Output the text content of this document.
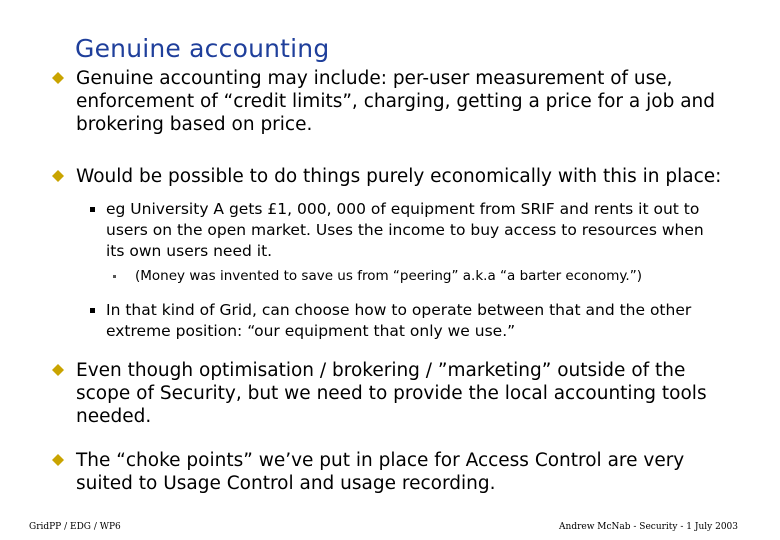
Genuine accounting
Genuine accounting may include: per-user measurement of use, enforcement of “credit limits”, charging, getting a price for a job and brokering based on price.
Would be possible to do things purely economically with this in place:
eg University A gets £1, 000, 000 of equipment from SRIF and rents it out to users on the open market. Uses the income to buy access to resources when its own users need it.
(Money was invented to save us from “peering” a.k.a “a barter economy.”)
In that kind of Grid, can choose how to operate between that and the other extreme position: “our equipment that only we use.”
Even though optimisation / brokering / ”marketing” outside of the scope of Security, but we need to provide the local accounting tools needed.
The “choke points” we’ve put in place for Access Control are very suited to Usage Control and usage recording.
GridPP / EDG / WP6	Andrew McNab - Security - 1 July 2003
